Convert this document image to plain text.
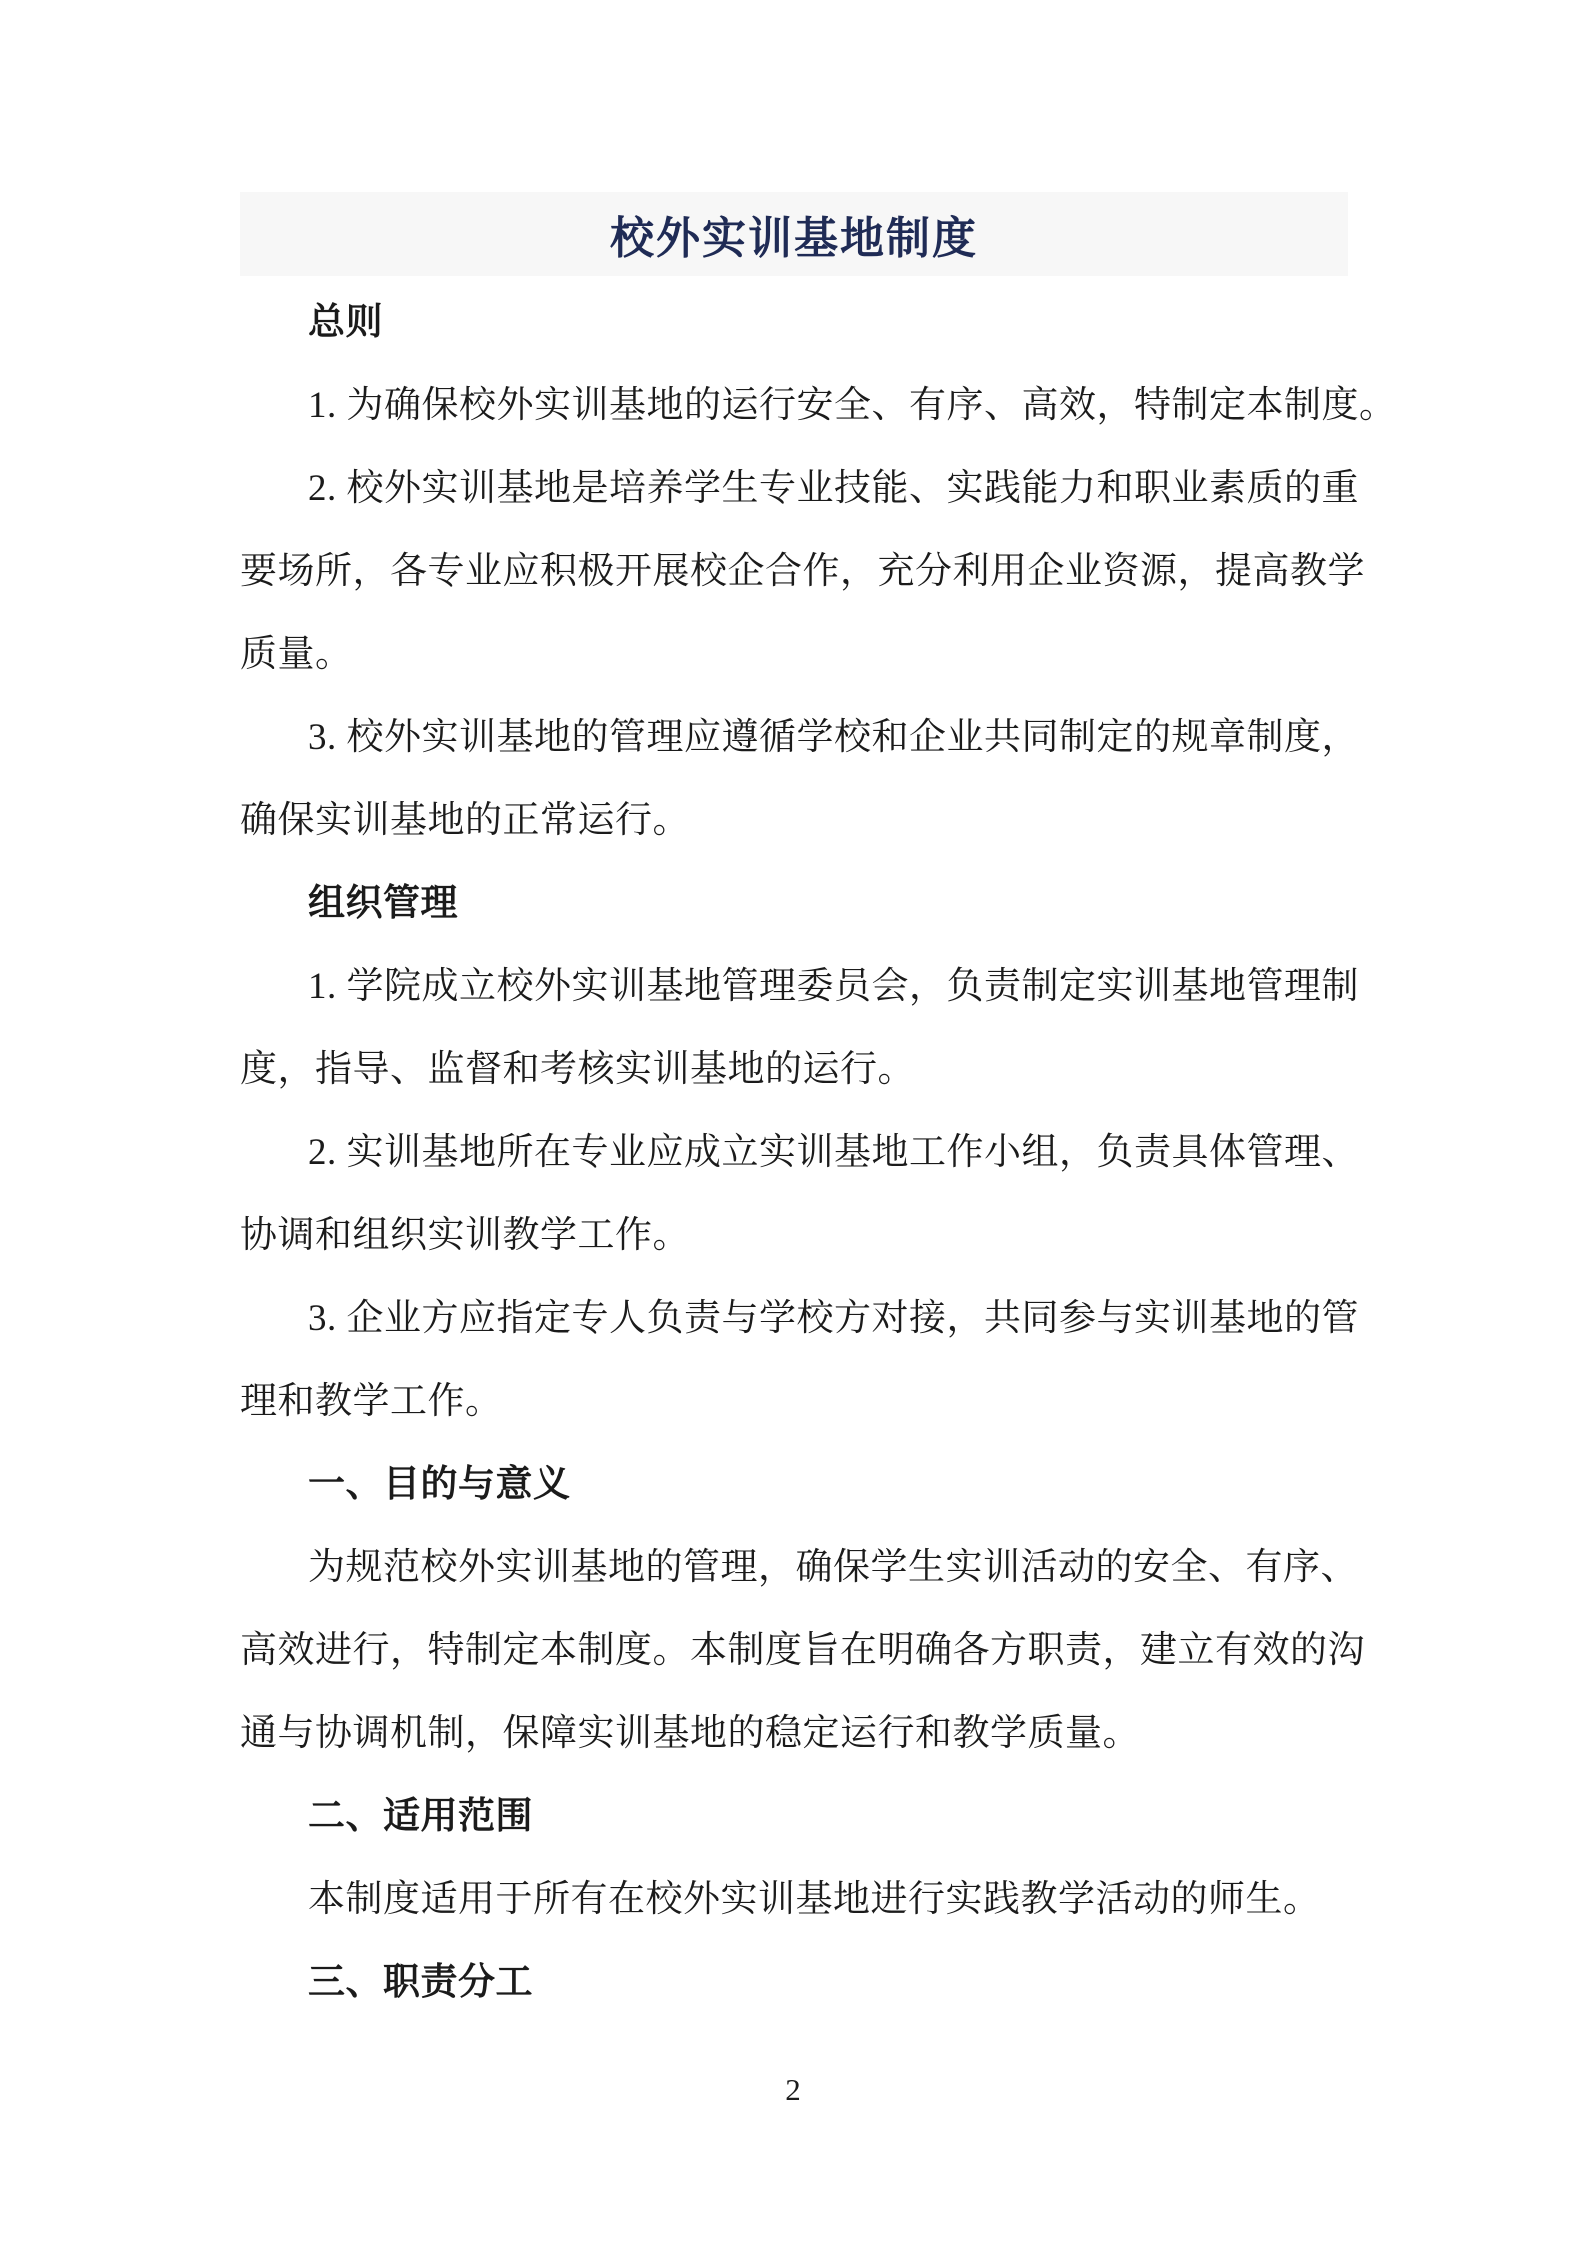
校外实训基地制度
总则
1. 为确保校外实训基地的运行安全、有序、高效，特制定本制度。
2. 校外实训基地是培养学生专业技能、实践能力和职业素质的重
要场所，各专业应积极开展校企合作，充分利用企业资源，提高教学
质量。
3. 校外实训基地的管理应遵循学校和企业共同制定的规章制度，
确保实训基地的正常运行。
组织管理
1. 学院成立校外实训基地管理委员会，负责制定实训基地管理制
度，指导、监督和考核实训基地的运行。
2. 实训基地所在专业应成立实训基地工作小组，负责具体管理、
协调和组织实训教学工作。
3. 企业方应指定专人负责与学校方对接，共同参与实训基地的管
理和教学工作。
一、目的与意义
为规范校外实训基地的管理，确保学生实训活动的安全、有序、
高效进行，特制定本制度。本制度旨在明确各方职责，建立有效的沟
通与协调机制，保障实训基地的稳定运行和教学质量。
二、适用范围
本制度适用于所有在校外实训基地进行实践教学活动的师生。
三、职责分工
2
